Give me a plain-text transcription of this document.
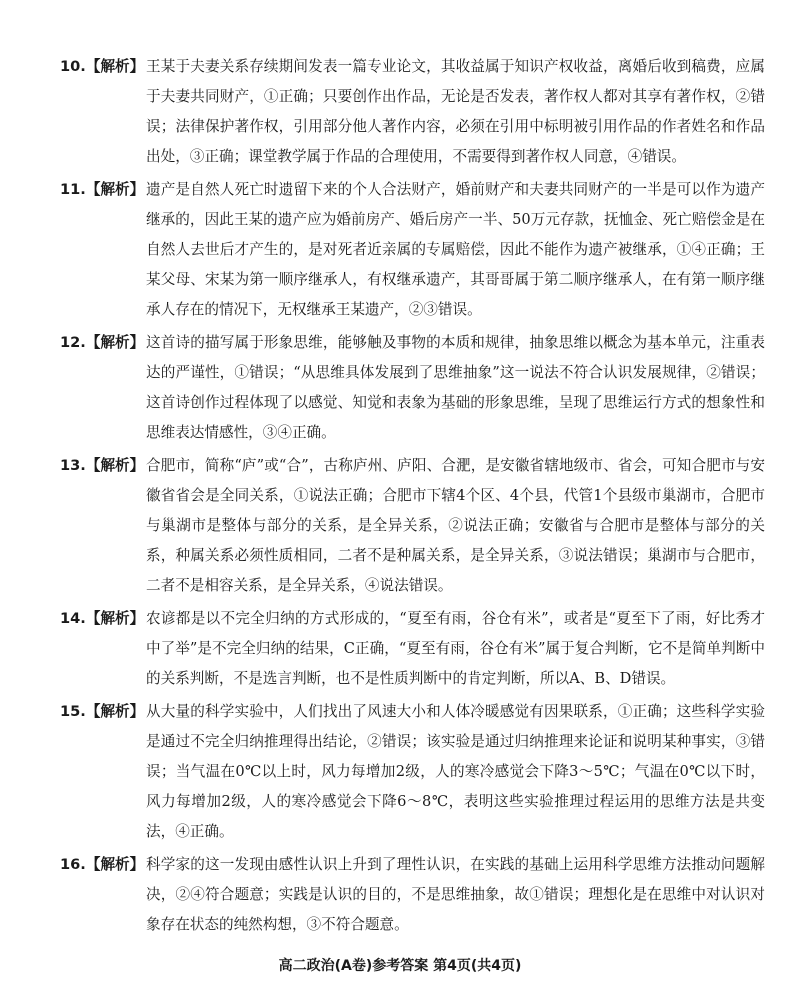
10.【解析】 王某于夫妻关系存续期间发表一篇专业论文，其收益属于知识产权收益，离婚后收到稿费，应属于夫妻共同财产，①正确；只要创作出作品，无论是否发表，著作权人都对其享有著作权，②错误；法律保护著作权，引用部分他人著作内容，必须在引用中标明被引用作品的作者姓名和作品出处，③正确；课堂教学属于作品的合理使用，不需要得到著作权人同意，④错误。
11.【解析】 遗产是自然人死亡时遗留下来的个人合法财产，婚前财产和夫妻共同财产的一半是可以作为遗产继承的，因此王某的遗产应为婚前房产、婚后房产一半、50万元存款，抚恤金、死亡赔偿金是在自然人去世后才产生的，是对死者近亲属的专属赔偿，因此不能作为遗产被继承，①④正确；王某父母、宋某为第一顺序继承人，有权继承遗产，其哥哥属于第二顺序继承人，在有第一顺序继承人存在的情况下，无权继承王某遗产，②③错误。
12.【解析】 这首诗的描写属于形象思维，能够触及事物的本质和规律，抽象思维以概念为基本单元，注重表达的严谨性，①错误；“从思维具体发展到了思维抽象”这一说法不符合认识发展规律，②错误；这首诗创作过程体现了以感觉、知觉和表象为基础的形象思维，呈现了思维运行方式的想象性和思维表达情感性，③④正确。
13.【解析】 合肥市，简称“庐”或“合”，古称庐州、庐阳、合淝，是安徽省辖地级市、省会，可知合肥市与安徽省省会是全同关系，①说法正确；合肥市下辖4个区、4个县，代管1个县级市巢湖市，合肥市与巢湖市是整体与部分的关系，是全异关系，②说法正确；安徽省与合肥市是整体与部分的关系，种属关系必须性质相同，二者不是种属关系，是全异关系，③说法错误；巢湖市与合肥市，二者不是相容关系，是全异关系，④说法错误。
14.【解析】 农谚都是以不完全归纳的方式形成的，“夏至有雨，谷仓有米”，或者是“夏至下了雨，好比秀才中了举”是不完全归纳的结果，C正确，“夏至有雨，谷仓有米”属于复合判断，它不是简单判断中的关系判断，不是选言判断，也不是性质判断中的肯定判断，所以A、B、D错误。
15.【解析】 从大量的科学实验中，人们找出了风速大小和人体冷暖感觉有因果联系，①正确；这些科学实验是通过不完全归纳推理得出结论，②错误；该实验是通过归纳推理来论证和说明某种事实，③错误；当气温在0℃以上时，风力每增加2级，人的寒冷感觉会下降3～5℃；气温在0℃以下时，风力每增加2级，人的寒冷感觉会下降6～8℃，表明这些实验推理过程运用的思维方法是共变法，④正确。
16.【解析】 科学家的这一发现由感性认识上升到了理性认识，在实践的基础上运用科学思维方法推动问题解决，②④符合题意；实践是认识的目的，不是思维抽象，故①错误；理想化是在思维中对认识对象存在状态的纯然构想，③不符合题意。
高二政治(A卷)参考答案 第4页(共4页)
